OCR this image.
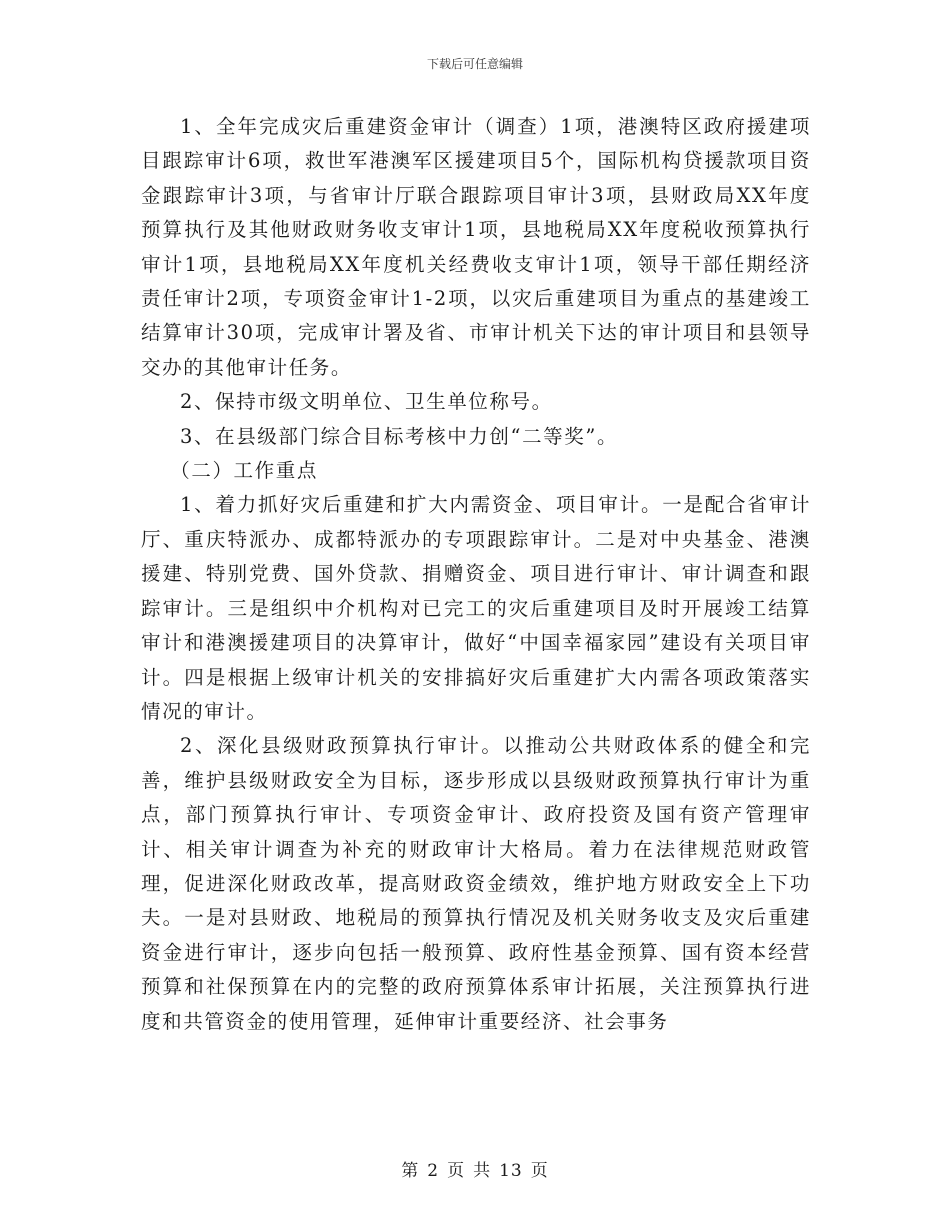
下载后可任意编辑

1、全年完成灾后重建资金审计（调查）1项，港澳特区政府援建项目跟踪审计6项，救世军港澳军区援建项目5个，国际机构贷援款项目资金跟踪审计3项，与省审计厅联合跟踪项目审计3项，县财政局XX年度预算执行及其他财政财务收支审计1项，县地税局XX年度税收预算执行审计1项，县地税局XX年度机关经费收支审计1项，领导干部任期经济责任审计2项，专项资金审计1-2项，以灾后重建项目为重点的基建竣工结算审计30项，完成审计署及省、市审计机关下达的审计项目和县领导交办的其他审计任务。

2、保持市级文明单位、卫生单位称号。

3、在县级部门综合目标考核中力创“二等奖”。

（二）工作重点

1、着力抓好灾后重建和扩大内需资金、项目审计。一是配合省审计厅、重庆特派办、成都特派办的专项跟踪审计。二是对中央基金、港澳援建、特别党费、国外贷款、捐赠资金、项目进行审计、审计调查和跟踪审计。三是组织中介机构对已完工的灾后重建项目及时开展竣工结算审计和港澳援建项目的决算审计，做好“中国幸福家园”建设有关项目审计。四是根据上级审计机关的安排搞好灾后重建扩大内需各项政策落实情况的审计。

2、深化县级财政预算执行审计。以推动公共财政体系的健全和完善，维护县级财政安全为目标，逐步形成以县级财政预算执行审计为重点，部门预算执行审计、专项资金审计、政府投资及国有资产管理审计、相关审计调查为补充的财政审计大格局。着力在法律规范财政管理，促进深化财政改革，提高财政资金绩效，维护地方财政安全上下功夫。一是对县财政、地税局的预算执行情况及机关财务收支及灾后重建资金进行审计，逐步向包括一般预算、政府性基金预算、国有资本经营预算和社保预算在内的完整的政府预算体系审计拓展，关注预算执行进度和共管资金的使用管理，延伸审计重要经济、社会事务

第 2 页 共 13 页
